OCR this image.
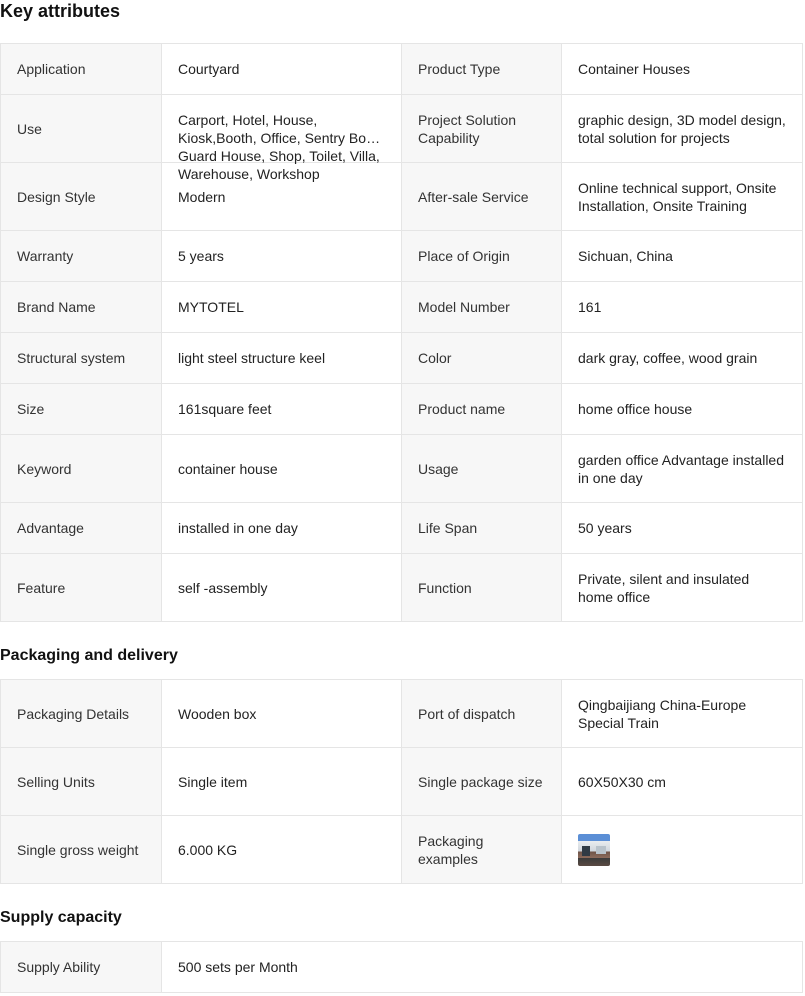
Key attributes
Application	Courtyard	Product Type	Container Houses
Use	Carport, Hotel, House, Kiosk,Booth, Office, Sentry Box, Guard House, Shop, Toilet, Villa, Warehouse, Workshop	Project Solution Capability	graphic design, 3D model design, total solution for projects

Design Style	Modern	After-sale Service	Online technical support, Onsite Installation, Onsite Training

Warranty	5 years	Place of Origin	Sichuan, China
Brand Name	MYTOTEL	Model Number	161
Structural system	light steel structure keel	Color	dark gray, coffee, wood grain
Size	161square feet	Product name	home office house
Keyword	container house	Usage	garden office Advantage installed in one day

Advantage	installed in one day	Life Span	50 years
Feature	self -assembly	Function	Private, silent and insulated home office
Packaging and delivery
Packaging Details	Wooden box	Port of dispatch	Qingbaijiang China-Europe Special Train

Selling Units	Single item	Single package size	60X50X30 cm

Single gross weight	6.000 KG	Packaging examples	

Supply capacity
Supply Ability	500 sets per Month
